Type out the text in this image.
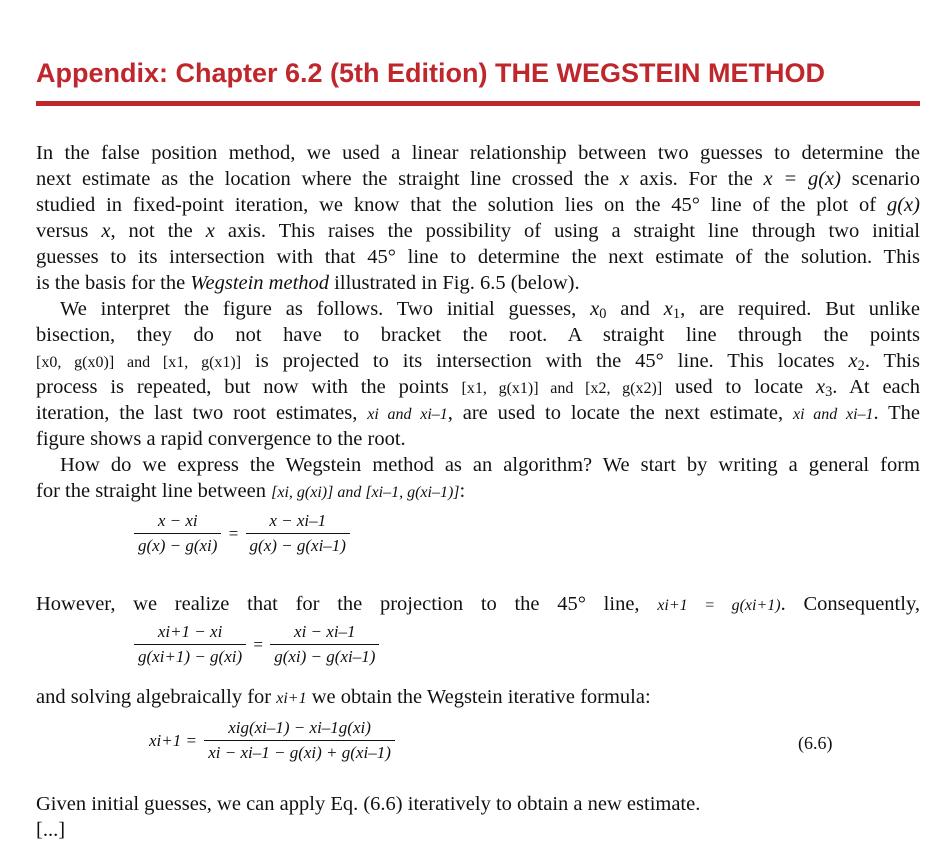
Appendix: Chapter 6.2 (5th Edition) THE WEGSTEIN METHOD
In the false position method, we used a linear relationship between two guesses to determine the
next estimate as the location where the straight line crossed the x axis. For the x = g(x) scenario
studied in fixed-point iteration, we know that the solution lies on the 45° line of the plot of g(x)
versus x, not the x axis. This raises the possibility of using a straight line through two initial
guesses to its intersection with that 45° line to determine the next estimate of the solution. This
is the basis for the Wegstein method illustrated in Fig. 6.5 (below).
We interpret the figure as follows. Two initial guesses, $x_0$ and $x_1$, are required. But unlike
bisection, they do not have to bracket the root. A straight line through the points
[x0, g(x0)] and [x1, g(x1)] is projected to its intersection with the 45° line. This locates $x_2$. This
process is repeated, but now with the points [x1, g(x1)] and [x2, g(x2)] used to locate $x_3$. At each
iteration, the last two root estimates, xi and xi–1, are used to locate the next estimate, xi and xi–1. The
figure shows a rapid convergence to the root.
How do we express the Wegstein method as an algorithm? We start by writing a general form
for the straight line between [xi, g(xi)] and [xi–1, g(xi–1)]:
$\frac{x - xi}{g(x) - g(xi)} = \frac{x - xi-1}{g(x) - g(xi-1)}$
However, we realize that for the projection to the 45° line, xi+1 = g(xi+1). Consequently,
$\frac{xi+1 - xi}{g(xi+1) - g(xi)} = \frac{xi - xi-1}{g(xi) - g(xi-1)}$
and solving algebraically for xi+1 we obtain the Wegstein iterative formula:
$xi+1 = \frac{\text{xig(xi–1) − xi–1g(xi)}}{xi - xi-1 - g(xi) + g(xi-1)}$	(6.6)
Given initial guesses, we can apply Eq. (6.6) iteratively to obtain a new estimate.
[...]
